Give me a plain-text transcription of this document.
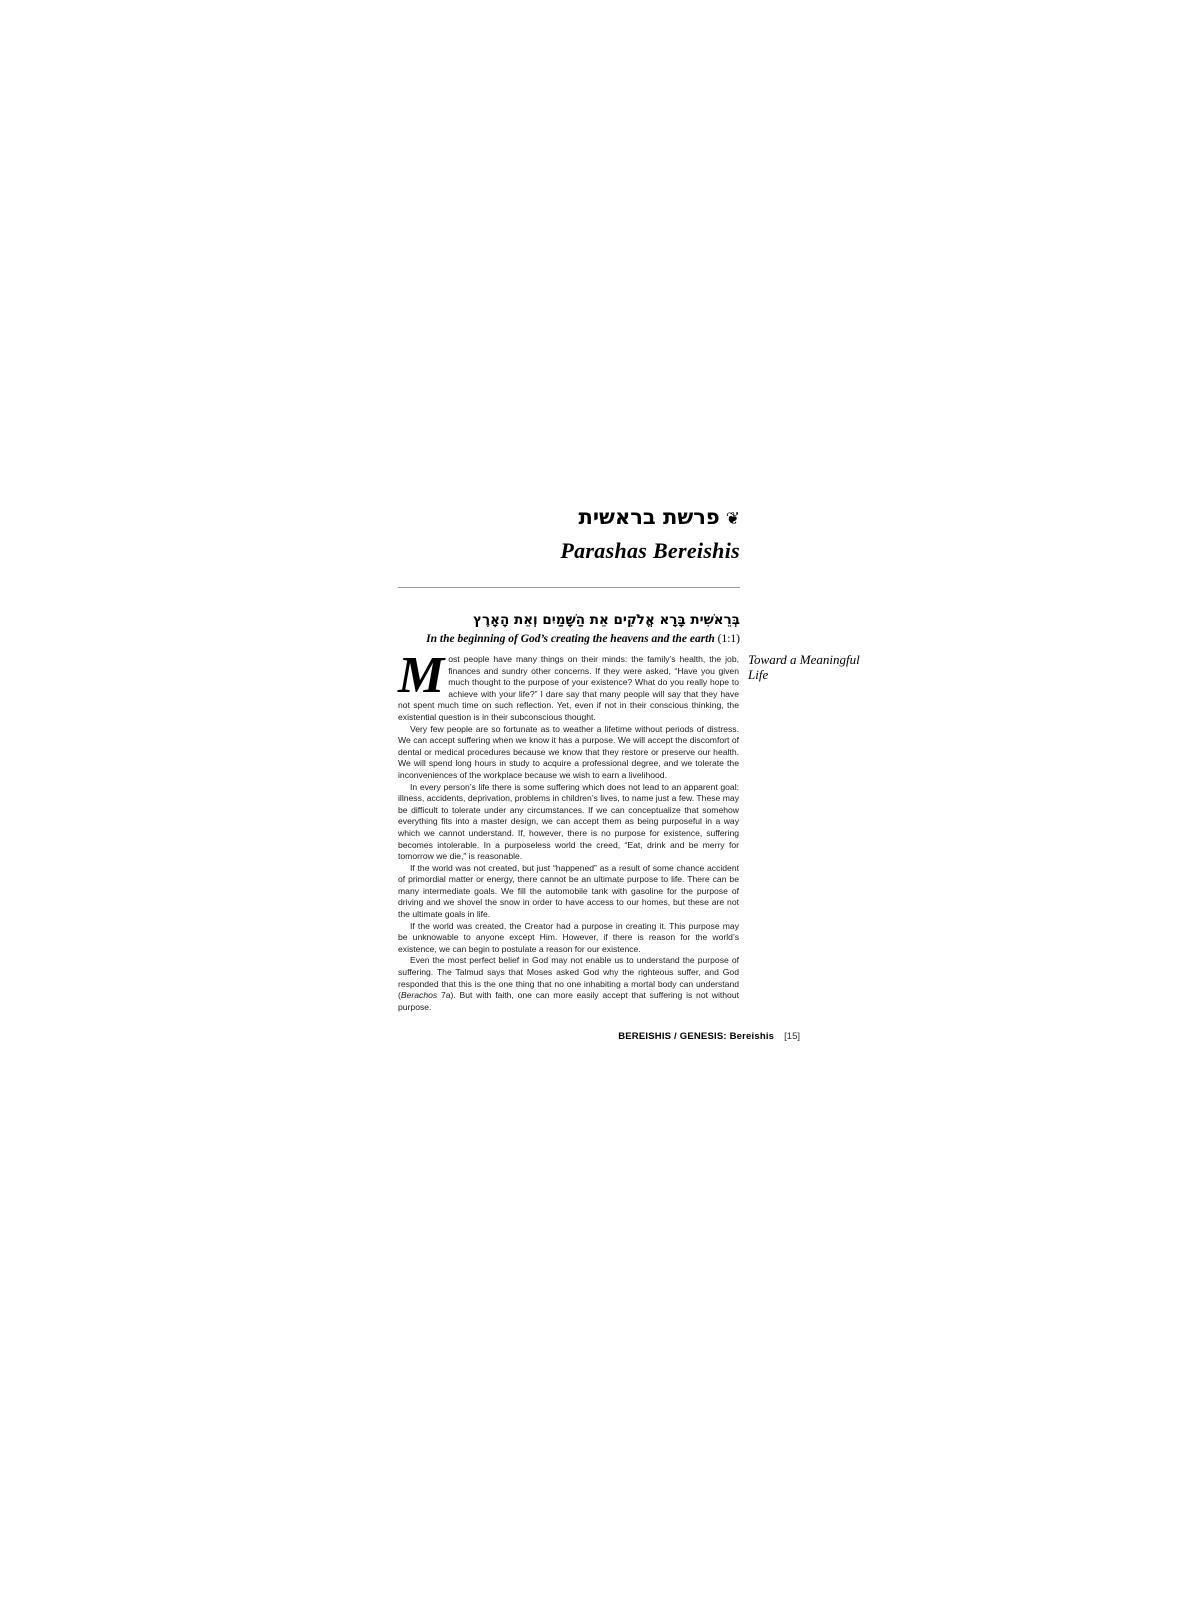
❦פרשת בראשית
Parashas Bereishis
בְּרֵאשִׁית בָּרָא אֱלֹקִים אֵת הַשָּׁמַיִם וְאֵת הָאָרֶץ
In the beginning of God’s creating the heavens and the earth (1:1)
Toward a Meaningful Life

Most people have many things on their minds: the family’s health, the job, finances and sundry other concerns. If they were asked, “Have you given much thought to the purpose of your existence? What do you really hope to achieve with your life?” I dare say that many people will say that they have not spent much time on such reflection. Yet, even if not in their conscious thinking, the existential question is in their subconscious thought.

Very few people are so fortunate as to weather a lifetime without periods of distress. We can accept suffering when we know it has a purpose. We will accept the discomfort of dental or medical procedures because we know that they restore or preserve our health. We will spend long hours in study to acquire a professional degree, and we tolerate the inconveniences of the workplace because we wish to earn a livelihood.

In every person’s life there is some suffering which does not lead to an apparent goal: illness, accidents, deprivation, problems in children’s lives, to name just a few. These may be difficult to tolerate under any circumstances. If we can conceptualize that somehow everything fits into a master design, we can accept them as being purposeful in a way which we cannot understand. If, however, there is no purpose for existence, suffering becomes intolerable. In a purposeless world the creed, “Eat, drink and be merry for tomorrow we die,” is reasonable.

If the world was not created, but just “happened” as a result of some chance accident of primordial matter or energy, there cannot be an ultimate purpose to life. There can be many intermediate goals. We fill the automobile tank with gasoline for the purpose of driving and we shovel the snow in order to have access to our homes, but these are not the ultimate goals in life.

If the world was created, the Creator had a purpose in creating it. This purpose may be unknowable to anyone except Him. However, if there is reason for the world’s existence, we can begin to postulate a reason for our existence.

Even the most perfect belief in God may not enable us to understand the purpose of suffering. The Talmud says that Moses asked God why the righteous suffer, and God responded that this is the one thing that no one inhabiting a mortal body can understand (Berachos 7a). But with faith, one can more easily accept that suffering is not without purpose.

BEREISHIS / GENESIS: Bereishis [15]
